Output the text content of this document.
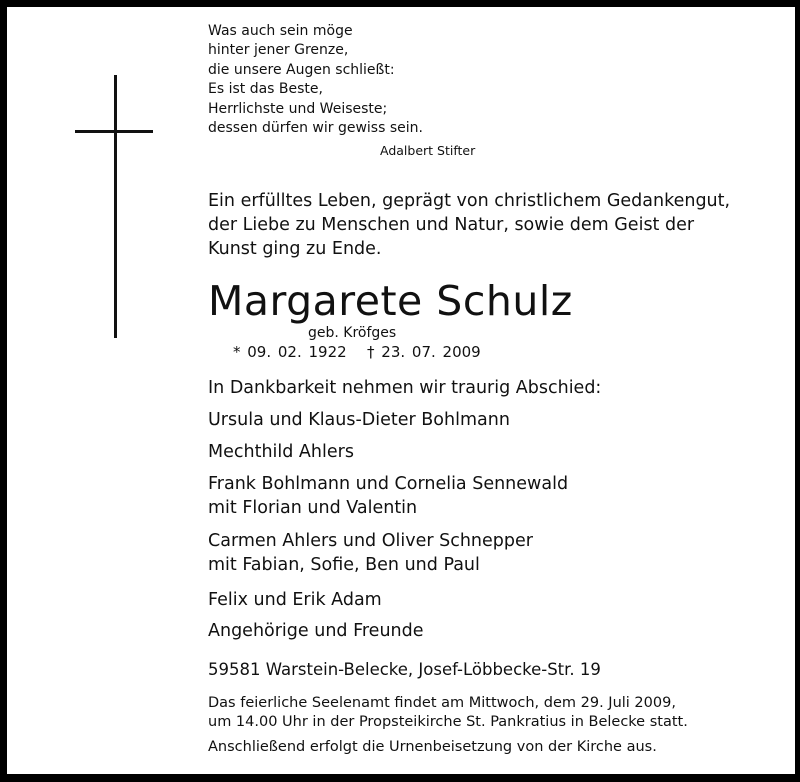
Was auch sein möge
hinter jener Grenze,
die unsere Augen schließt:
Es ist das Beste,
Herrlichste und Weiseste;
dessen dürfen wir gewiss sein.
Adalbert Stifter
Ein erfülltes Leben, geprägt von christlichem Gedankengut,
der Liebe zu Menschen und Natur, sowie dem Geist der
Kunst ging zu Ende.
Margarete Schulz
geb. Kröfges
* 09. 02. 1922 † 23. 07. 2009
In Dankbarkeit nehmen wir traurig Abschied:
Ursula und Klaus-Dieter Bohlmann
Mechthild Ahlers
Frank Bohlmann und Cornelia Sennewald
mit Florian und Valentin
Carmen Ahlers und Oliver Schnepper
mit Fabian, Sofie, Ben und Paul
Felix und Erik Adam
Angehörige und Freunde
59581 Warstein-Belecke, Josef-Löbbecke-Str. 19
Das feierliche Seelenamt findet am Mittwoch, dem 29. Juli 2009,
um 14.00 Uhr in der Propsteikirche St. Pankratius in Belecke statt.
Anschließend erfolgt die Urnenbeisetzung von der Kirche aus.
